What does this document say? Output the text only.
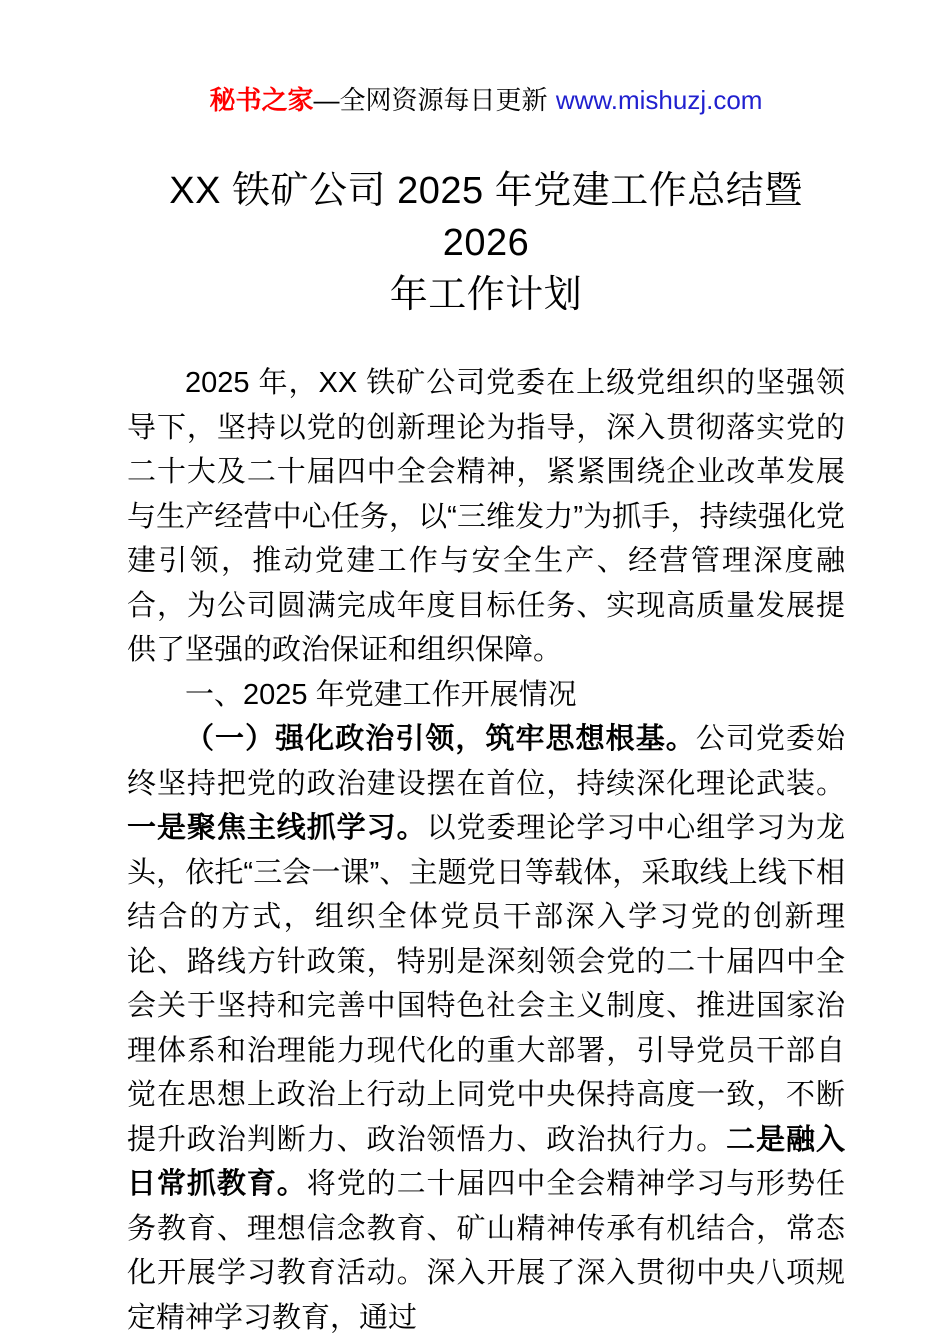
秘书之家—全网资源每日更新 www.mishuzj.com
XX 铁矿公司 2025 年党建工作总结暨 2026
年工作计划

2025 年，XX 铁矿公司党委在上级党组织的坚强领导下，坚持以党的创新理论为指导，深入贯彻落实党的二十大及二十届四中全会精神，紧紧围绕企业改革发展与生产经营中心任务，以“三维发力”为抓手，持续强化党建引领，推动党建工作与安全生产、经营管理深度融合，为公司圆满完成年度目标任务、实现高质量发展提供了坚强的政治保证和组织保障。

一、2025 年党建工作开展情况

（一）强化政治引领，筑牢思想根基。公司党委始终坚持把党的政治建设摆在首位，持续深化理论武装。一是聚焦主线抓学习。以党委理论学习中心组学习为龙头，依托“三会一课”、主题党日等载体，采取线上线下相结合的方式，组织全体党员干部深入学习党的创新理论、路线方针政策，特别是深刻领会党的二十届四中全会关于坚持和完善中国特色社会主义制度、推进国家治理体系和治理能力现代化的重大部署，引导党员干部自觉在思想上政治上行动上同党中央保持高度一致，不断提升政治判断力、政治领悟力、政治执行力。二是融入日常抓教育。将党的二十届四中全会精神学习与形势任务教育、理想信念教育、矿山精神传承有机结合，常态化开展学习教育活动。深入开展了深入贯彻中央八项规定精神学习教育，通过
